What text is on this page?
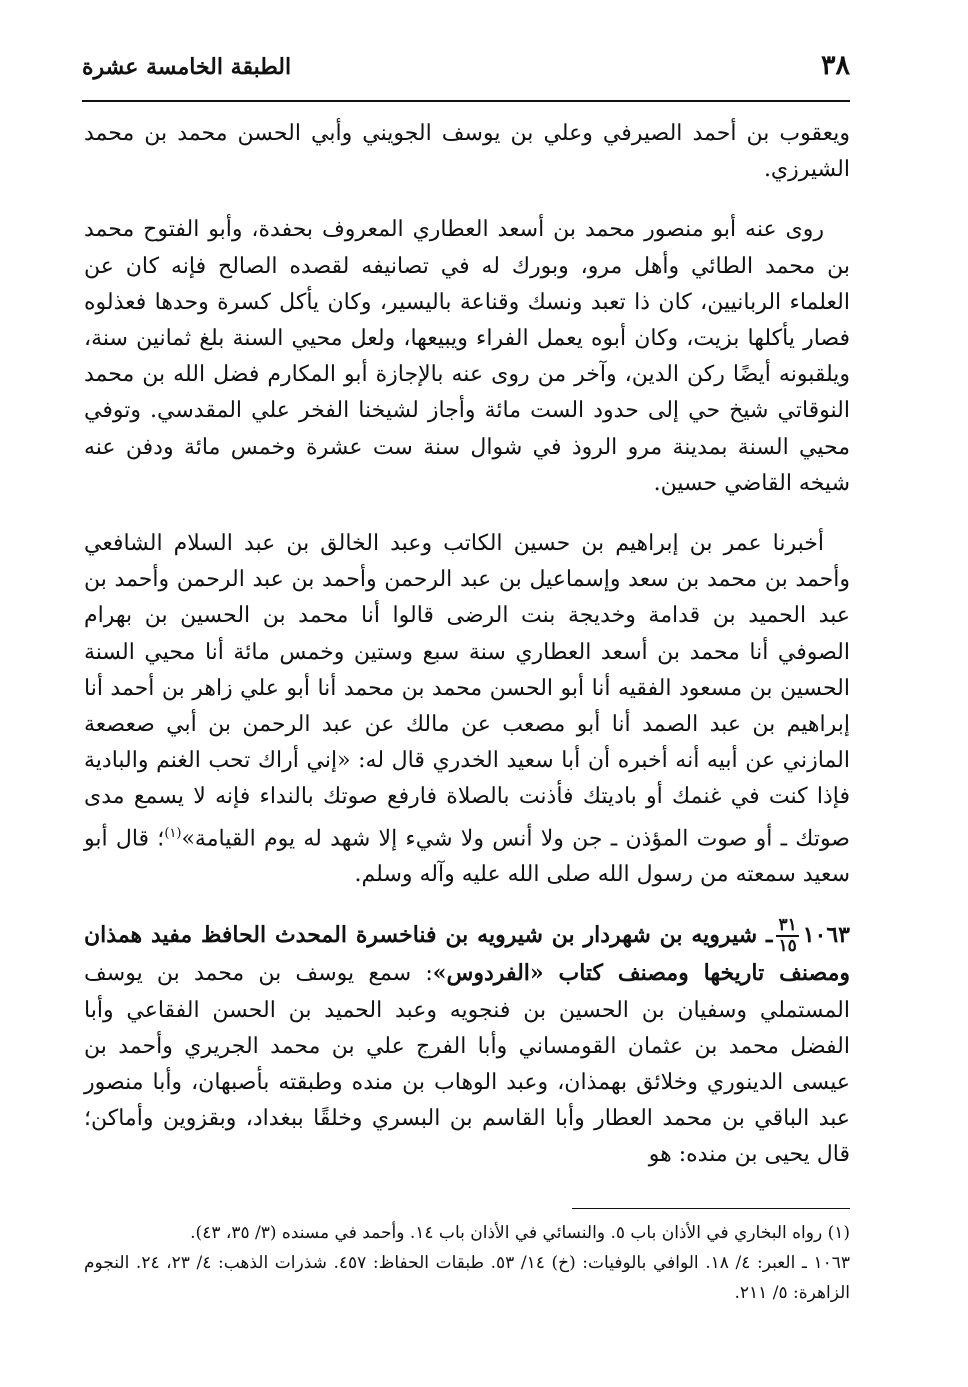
٣٨
الطبقة الخامسة عشرة

ويعقوب بن أحمد الصيرفي وعلي بن يوسف الجويني وأبي الحسن محمد بن محمد الشيرزي.

روى عنه أبو منصور محمد بن أسعد العطاري المعروف بحفدة، وأبو الفتوح محمد بن محمد الطائي وأهل مرو، وبورك له في تصانيفه لقصده الصالح فإنه كان عن العلماء الربانيين، كان ذا تعبد ونسك وقناعة باليسير، وكان يأكل كسرة وحدها فعذلوه فصار يأكلها بزيت، وكان أبوه يعمل الفراء ويبيعها، ولعل محيي السنة بلغ ثمانين سنة، ويلقبونه أيضًا ركن الدين، وآخر من روى عنه بالإجازة أبو المكارم فضل الله بن محمد النوقاتي شيخ حي إلى حدود الست مائة وأجاز لشيخنا الفخر علي المقدسي. وتوفي محيي السنة بمدينة مرو الروذ في شوال سنة ست عشرة وخمس مائة ودفن عنه شيخه القاضي حسين.

أخبرنا عمر بن إبراهيم بن حسين الكاتب وعبد الخالق بن عبد السلام الشافعي وأحمد بن محمد بن سعد وإسماعيل بن عبد الرحمن وأحمد بن عبد الرحمن وأحمد بن عبد الحميد بن قدامة وخديجة بنت الرضى قالوا أنا محمد بن الحسين بن بهرام الصوفي أنا محمد بن أسعد العطاري سنة سبع وستين وخمس مائة أنا محيي السنة الحسين بن مسعود الفقيه أنا أبو الحسن محمد بن محمد أنا أبو علي زاهر بن أحمد أنا إبراهيم بن عبد الصمد أنا أبو مصعب عن مالك عن عبد الرحمن بن أبي صعصعة المازني عن أبيه أنه أخبره أن أبا سعيد الخدري قال له: «إني أراك تحب الغنم والبادية فإذا كنت في غنمك أو باديتك فأذنت بالصلاة فارفع صوتك بالنداء فإنه لا يسمع مدى صوتك ـ أو صوت المؤذن ـ جن ولا أنس ولا شيء إلا شهد له يوم القيامة»$^{(١)}$؛ قال أبو سعيد سمعته من رسول الله صلى الله عليه وآله وسلم.

١٠٦٣
$\frac{٣١}{١٥}$
ـ شيرويه بن شهردار بن شيرويه بن فناخسرة المحدث الحافظ مفيد همذان ومصنف تاريخها ومصنف كتاب «الفردوس»: سمع يوسف بن محمد بن يوسف المستملي وسفيان بن الحسين بن فنجويه وعبد الحميد بن الحسن الفقاعي وأبا الفضل محمد بن عثمان القومساني وأبا الفرج علي بن محمد الجريري وأحمد بن عيسى الدينوري وخلائق بهمذان، وعبد الوهاب بن منده وطبقته بأصبهان، وأبا منصور عبد الباقي بن محمد العطار وأبا القاسم بن البسري وخلقًا ببغداد، وبقزوين وأماكن؛ قال يحيى بن منده: هو

(١) رواه البخاري في الأذان باب ٥. والنسائي في الأذان باب ١٤. وأحمد في مسنده (٣/ ٣٥، ٤٣).

١٠٦٣ ـ العبر: ٤/ ١٨. الوافي بالوفيات: (خ) ١٤/ ٥٣. طبقات الحفاظ: ٤٥٧. شذرات الذهب: ٤/ ٢٣، ٢٤. النجوم الزاهرة: ٥/ ٢١١.
